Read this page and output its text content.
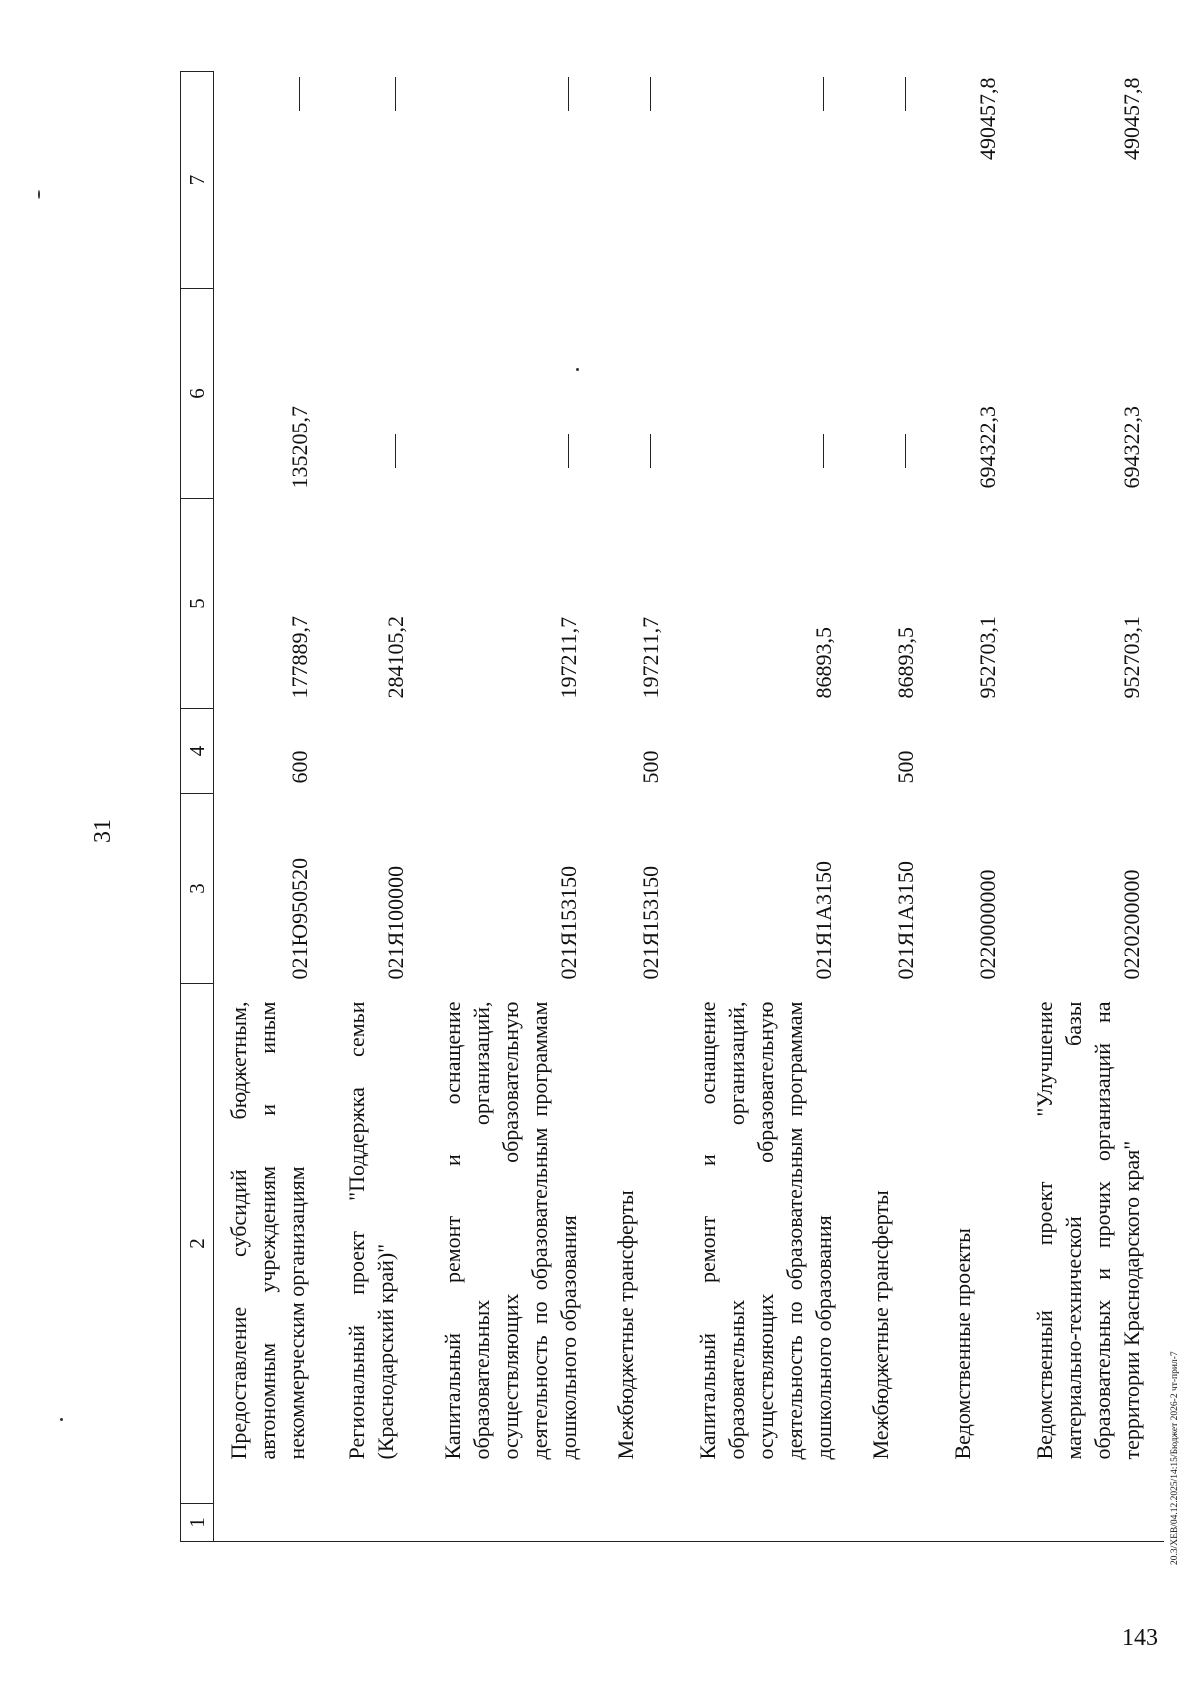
31
1	2	3	4	5	6	7
	Предоставление субсидий бюджетным, автономным учреждениям и иным некоммерческим организациям	021Ю950520	600	177889,7	135205,7	
	Региональный проект "Поддержка семьи (Краснодарский край)"	021Я100000		284105,2		
	Капитальный ремонт и оснащение образовательных организаций, осуществляющих образовательную деятельность по образовательным программам дошкольного образования	021Я153150		197211,7		
	Межбюджетные трансферты	021Я153150	500	197211,7		
	Капитальный ремонт и оснащение образовательных организаций, осуществляющих образовательную деятельность по образовательным программам дошкольного образования	021Я1А3150		86893,5		
	Межбюджетные трансферты	021Я1А3150	500	86893,5		
	Ведомственные проекты	0220000000		952703,1	694322,3	490457,8
	Ведомственный проект "Улучшение материально-технической базы образовательных и прочих организаций на территории Краснодарского края"	0220200000		952703,1	694322,3	490457,8
20.3/XEB/04.12.2025/14:15/Бюджет 2026-2 чт-прил-7
143
